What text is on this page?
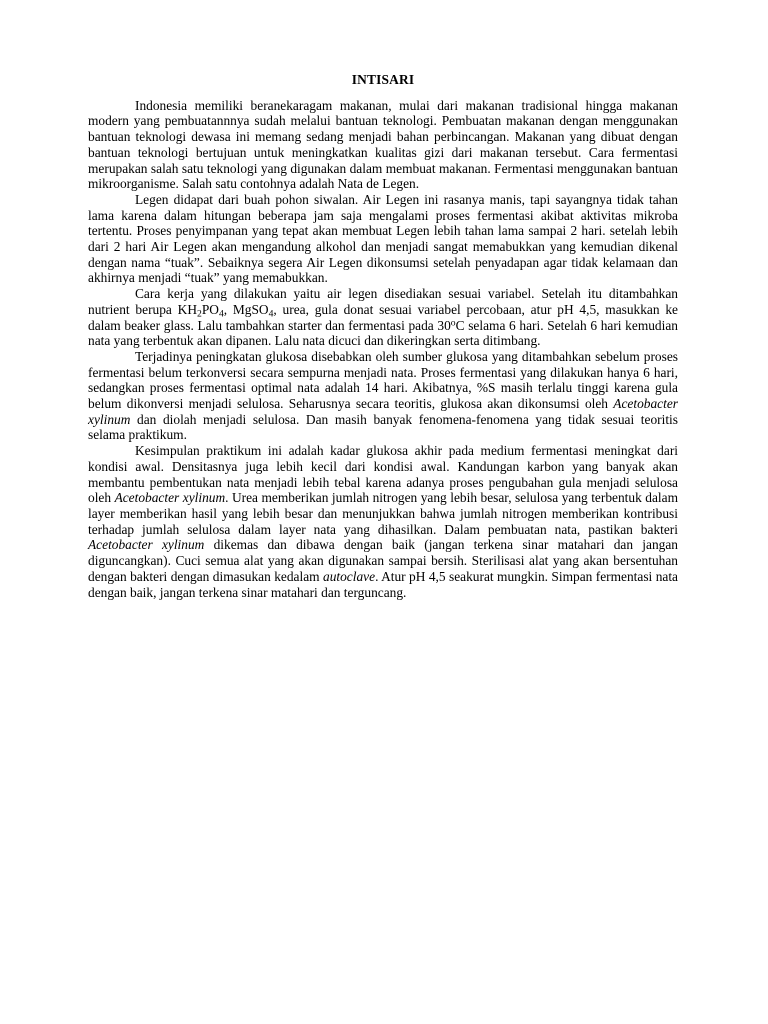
INTISARI

Indonesia memiliki beranekaragam makanan, mulai dari makanan tradisional hingga makanan modern yang pembuatannnya sudah melalui bantuan teknologi. Pembuatan makanan dengan menggunakan bantuan teknologi dewasa ini memang sedang menjadi bahan perbincangan. Makanan yang dibuat dengan bantuan teknologi bertujuan untuk meningkatkan kualitas gizi dari makanan tersebut. Cara fermentasi merupakan salah satu teknologi yang digunakan dalam membuat makanan. Fermentasi menggunakan bantuan mikroorganisme. Salah satu contohnya adalah Nata de Legen.

Legen didapat dari buah pohon siwalan. Air Legen ini rasanya manis, tapi sayangnya tidak tahan lama karena dalam hitungan beberapa jam saja mengalami proses fermentasi akibat aktivitas mikroba tertentu. Proses penyimpanan yang tepat akan membuat Legen lebih tahan lama sampai 2 hari. setelah lebih dari 2 hari Air Legen akan mengandung alkohol dan menjadi sangat memabukkan yang kemudian dikenal dengan nama “tuak”. Sebaiknya segera Air Legen dikonsumsi setelah penyadapan agar tidak kelamaan dan akhirnya menjadi “tuak” yang memabukkan.

Cara kerja yang dilakukan yaitu air legen disediakan sesuai variabel. Setelah itu ditambahkan nutrient berupa $KH_2PO_4$, MgSO$_4$, urea, gula donat sesuai variabel percobaan, atur pH 4,5, masukkan ke dalam beaker glass. Lalu tambahkan starter dan fermentasi pada 30$^o$C selama 6 hari. Setelah 6 hari kemudian nata yang terbentuk akan dipanen. Lalu nata dicuci dan dikeringkan serta ditimbang.

Terjadinya peningkatan glukosa disebabkan oleh sumber glukosa yang ditambahkan sebelum proses fermentasi belum terkonversi secara sempurna menjadi nata. Proses fermentasi yang dilakukan hanya 6 hari, sedangkan proses fermentasi optimal nata adalah 14 hari. Akibatnya, %S masih terlalu tinggi karena gula belum dikonversi menjadi selulosa. Seharusnya secara teoritis, glukosa akan dikonsumsi oleh Acetobacter xylinum dan diolah menjadi selulosa. Dan masih banyak fenomena-fenomena yang tidak sesuai teoritis selama praktikum.

Kesimpulan praktikum ini adalah kadar glukosa akhir pada medium fermentasi meningkat dari kondisi awal. Densitasnya juga lebih kecil dari kondisi awal. Kandungan karbon yang banyak akan membantu pembentukan nata menjadi lebih tebal karena adanya proses pengubahan gula menjadi selulosa oleh Acetobacter xylinum. Urea memberikan jumlah nitrogen yang lebih besar, selulosa yang terbentuk dalam layer memberikan hasil yang lebih besar dan menunjukkan bahwa jumlah nitrogen memberikan kontribusi terhadap jumlah selulosa dalam layer nata yang dihasilkan. Dalam pembuatan nata, pastikan bakteri Acetobacter xylinum dikemas dan dibawa dengan baik (jangan terkena sinar matahari dan jangan diguncangkan). Cuci semua alat yang akan digunakan sampai bersih. Sterilisasi alat yang akan bersentuhan dengan bakteri dengan dimasukan kedalam autoclave. Atur pH 4,5 seakurat mungkin. Simpan fermentasi nata dengan baik, jangan terkena sinar matahari dan terguncang.
